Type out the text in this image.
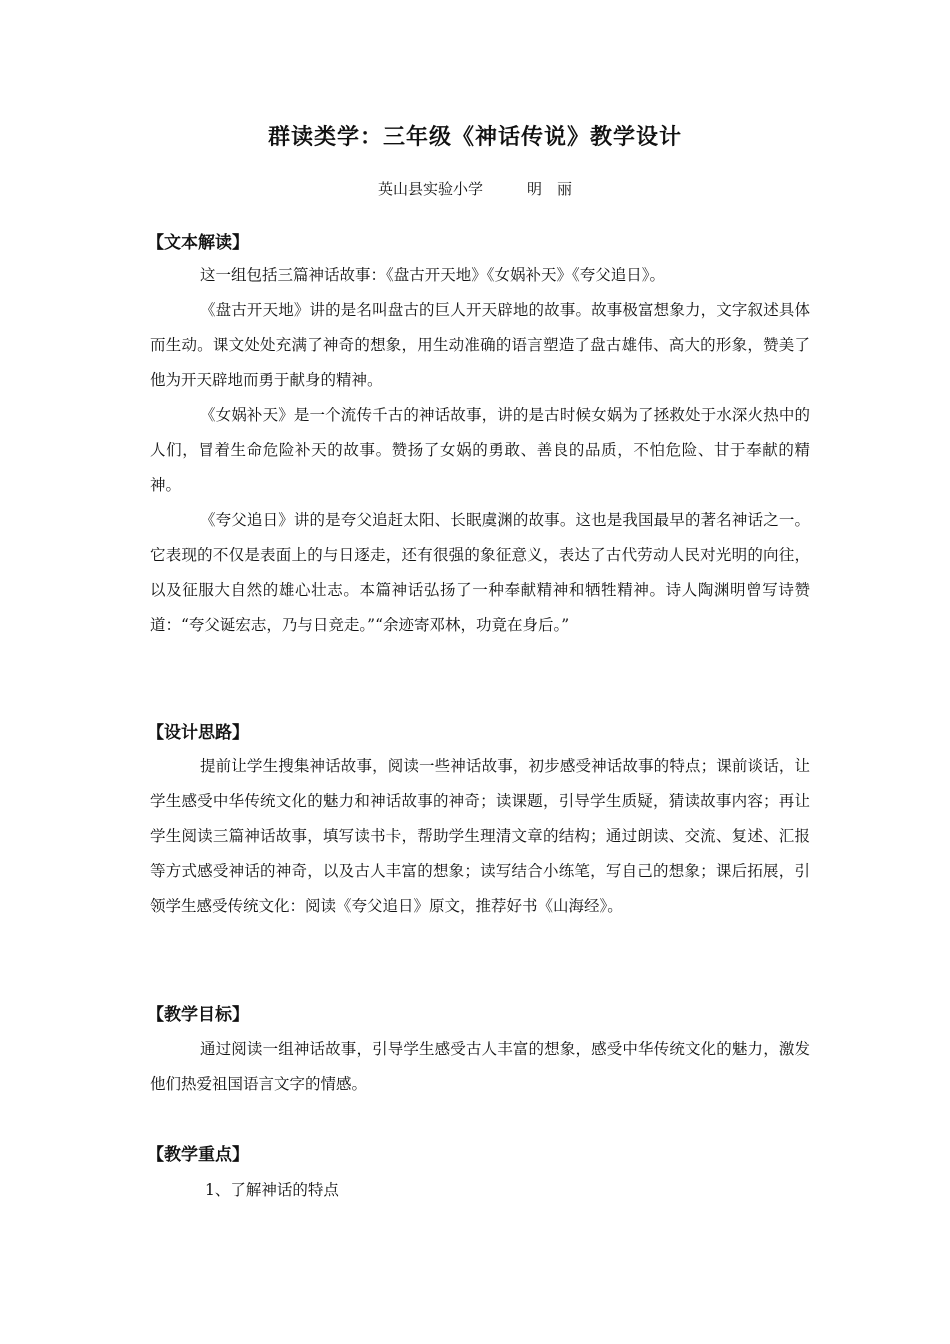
群读类学：三年级《神话传说》教学设计
英山县实验小学	明　丽
【文本解读】

这一组包括三篇神话故事：《盘古开天地》《女娲补天》《夸父追日》。

《盘古开天地》讲的是名叫盘古的巨人开天辟地的故事。故事极富想象力，文字叙述具体而生动。课文处处充满了神奇的想象，用生动准确的语言塑造了盘古雄伟、高大的形象，赞美了他为开天辟地而勇于献身的精神。

《女娲补天》是一个流传千古的神话故事，讲的是古时候女娲为了拯救处于水深火热中的人们，冒着生命危险补天的故事。赞扬了女娲的勇敢、善良的品质，不怕危险、甘于奉献的精神。

《夸父追日》讲的是夸父追赶太阳、长眠虞渊的故事。这也是我国最早的著名神话之一。它表现的不仅是表面上的与日逐走，还有很强的象征意义，表达了古代劳动人民对光明的向往，以及征服大自然的雄心壮志。本篇神话弘扬了一种奉献精神和牺牲精神。诗人陶渊明曾写诗赞道：“夸父诞宏志，乃与日竞走。”“余迹寄邓林，功竟在身后。”

【设计思路】

提前让学生搜集神话故事，阅读一些神话故事，初步感受神话故事的特点；课前谈话，让学生感受中华传统文化的魅力和神话故事的神奇；读课题，引导学生质疑，猜读故事内容；再让学生阅读三篇神话故事，填写读书卡，帮助学生理清文章的结构；通过朗读、交流、复述、汇报等方式感受神话的神奇，以及古人丰富的想象；读写结合小练笔，写自己的想象；课后拓展，引领学生感受传统文化：阅读《夸父追日》原文，推荐好书《山海经》。

【教学目标】

通过阅读一组神话故事，引导学生感受古人丰富的想象，感受中华传统文化的魅力，激发他们热爱祖国语言文字的情感。

【教学重点】
1、了解神话的特点
